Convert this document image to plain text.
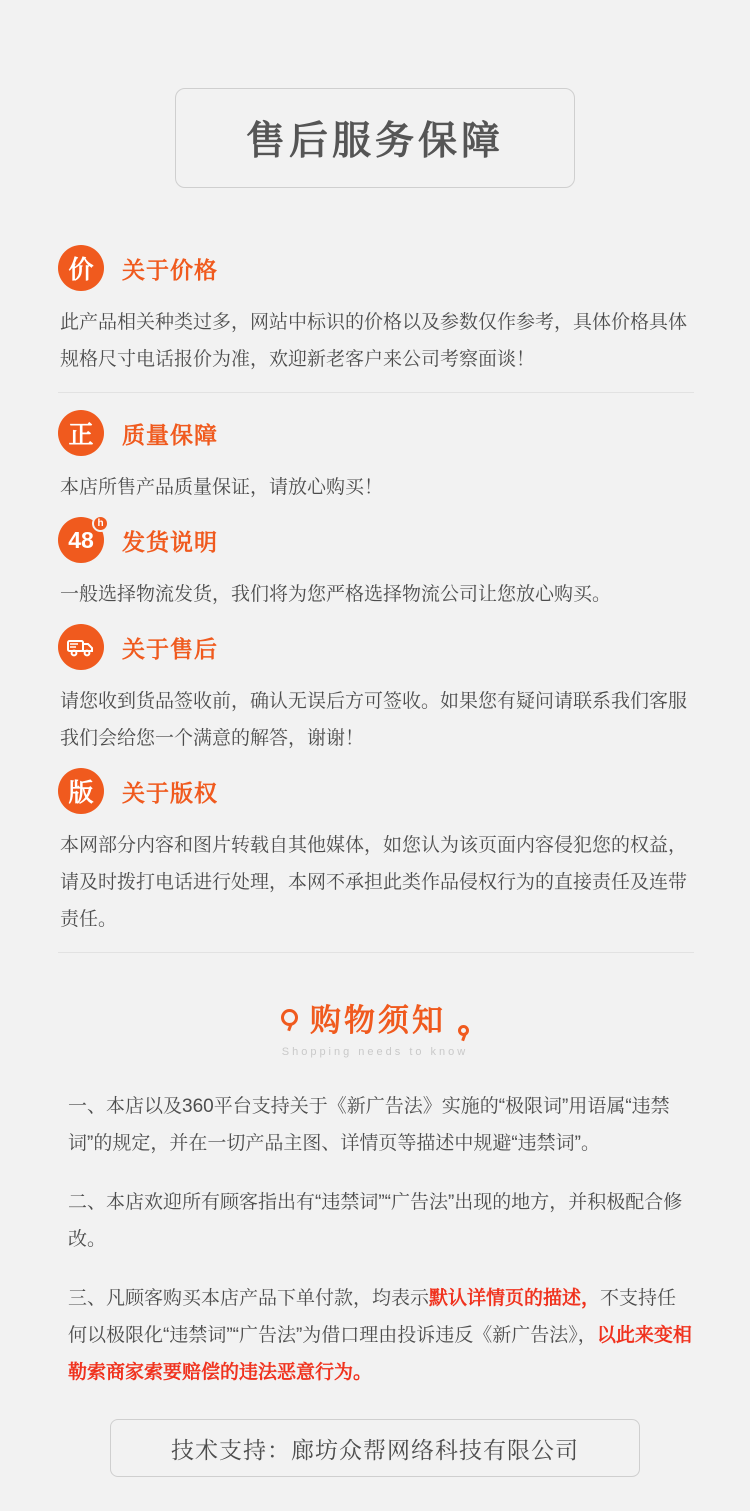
售后服务保障
价 关于价格
此产品相关种类过多，网站中标识的价格以及参数仅作参考，具体价格具体规格尺寸电话报价为准，欢迎新老客户来公司考察面谈！
正 质量保障
本店所售产品质量保证，请放心购买！
48
h
发货说明
一般选择物流发货，我们将为您严格选择物流公司让您放心购买。
关于售后
请您收到货品签收前，确认无误后方可签收。如果您有疑问请联系我们客服我们会给您一个满意的解答，谢谢！
版 关于版权
本网部分内容和图片转载自其他媒体，如您认为该页面内容侵犯您的权益，请及时拨打电话进行处理，本网不承担此类作品侵权行为的直接责任及连带责任。
购物须知
Shopping needs to know
一、本店以及360平台支持关于《新广告法》实施的“极限词”用语属“违禁词”的规定，并在一切产品主图、详情页等描述中规避“违禁词”。
二、本店欢迎所有顾客指出有“违禁词”“广告法”出现的地方，并积极配合修改。
三、凡顾客购买本店产品下单付款，均表示默认详情页的描述，不支持任何以极限化“违禁词”“广告法”为借口理由投诉违反《新广告法》，以此来变相勒索商家索要赔偿的违法恶意行为。
技术支持：廊坊众帮网络科技有限公司
